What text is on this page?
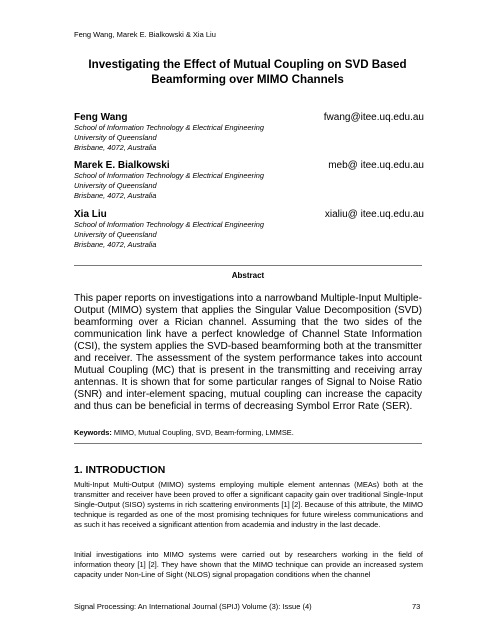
Feng Wang, Marek E. Bialkowski & Xia Liu
Investigating the Effect of Mutual Coupling on SVD Based Beamforming over MIMO Channels
Feng Wang	fwang@itee.uq.edu.au
School of Information Technology & Electrical Engineering
University of Queensland
Brisbane, 4072, Australia
Marek E. Bialkowski	meb@ itee.uq.edu.au
School of Information Technology & Electrical Engineering
University of Queensland
Brisbane, 4072, Australia
Xia Liu	xialiu@ itee.uq.edu.au
School of Information Technology & Electrical Engineering
University of Queensland
Brisbane, 4072, Australia
Abstract

This paper reports on investigations into a narrowband Multiple-Input Multiple-Output (MIMO) system that applies the Singular Value Decomposition (SVD) beamforming over a Rician channel. Assuming that the two sides of the communication link have a perfect knowledge of Channel State Information (CSI), the system applies the SVD-based beamforming both at the transmitter and receiver. The assessment of the system performance takes into account Mutual Coupling (MC) that is present in the transmitting and receiving array antennas. It is shown that for some particular ranges of Signal to Noise Ratio (SNR) and inter-element spacing, mutual coupling can increase the capacity and thus can be beneficial in terms of decreasing Symbol Error Rate (SER).

Keywords: MIMO, Mutual Coupling, SVD, Beam-forming, LMMSE.
1. INTRODUCTION

Multi-Input Multi-Output (MIMO) systems employing multiple element antennas (MEAs) both at the transmitter and receiver have been proved to offer a significant capacity gain over traditional Single-Input Single-Output (SISO) systems in rich scattering environments [1] [2]. Because of this attribute, the MIMO technique is regarded as one of the most promising techniques for future wireless communications and as such it has received a significant attention from academia and industry in the last decade.

Initial investigations into MIMO systems were carried out by researchers working in the field of information theory [1] [2]. They have shown that the MIMO technique can provide an increased system capacity under Non-Line of Sight (NLOS) signal propagation conditions when the channel

Signal Processing: An International Journal (SPIJ) Volume (3): Issue (4)	73
